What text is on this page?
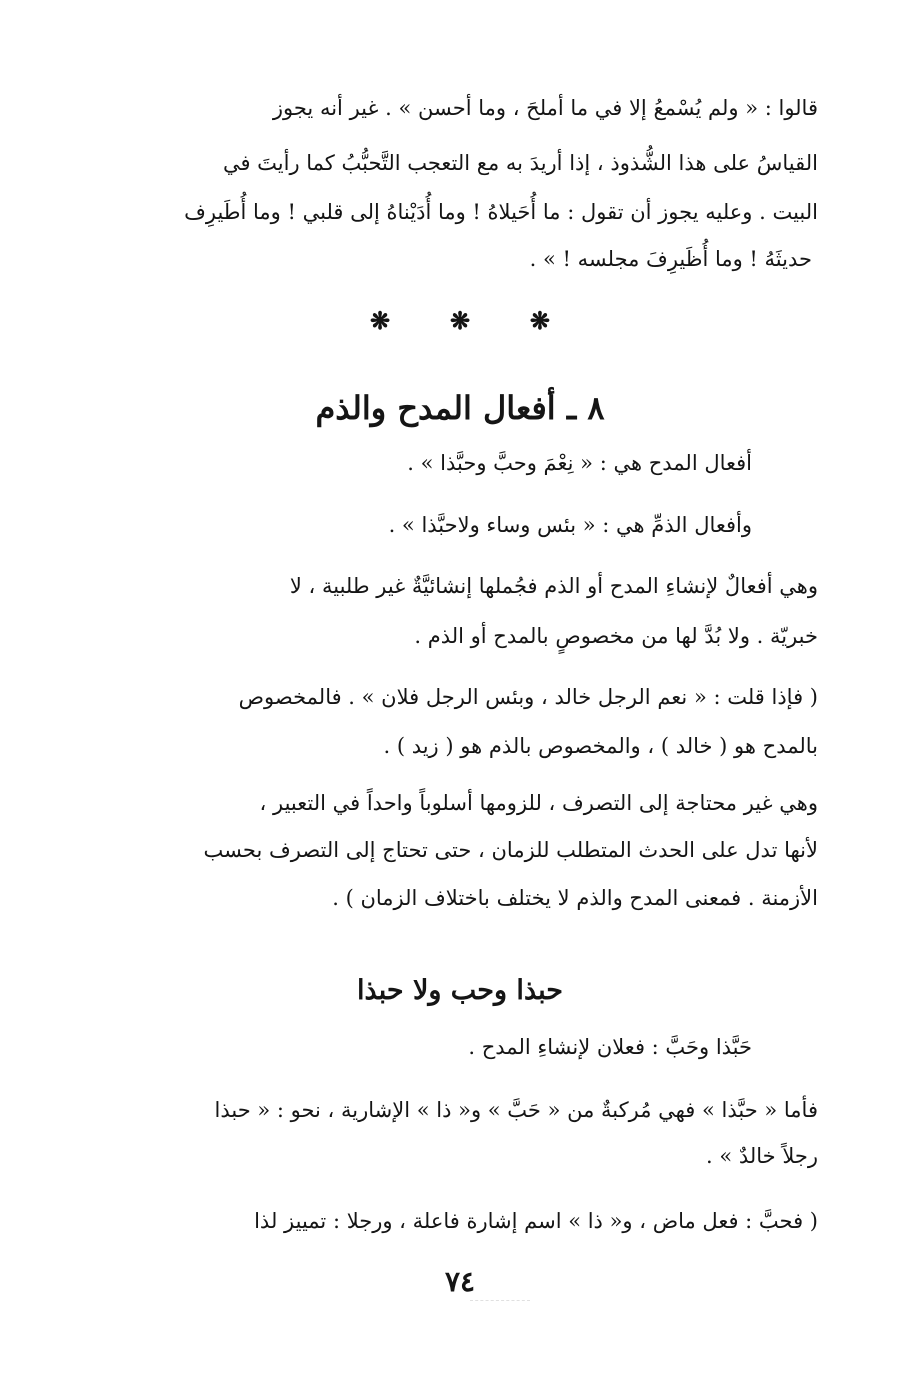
قالوا : « ولم يُسْمعُ إلا في ما أملحَ ، وما أحسن » . غير أنه يجوز
القياسُ على هذا الشُّذوذ ، إذا أريدَ به مع التعجب التَّحبُّبُ كما رأيتَ في
البيت . وعليه يجوز أن تقول : ما أُحَيلاهُ ! وما أُدَيْناهُ إلى قلبي ! وما أُطَيرِف
حديثَهُ ! وما أُظَيرِفَ مجلسه ! » .
❋ ❋ ❋
٨ ـ أفعال المدح والذم
أفعال المدح هي : « نِعْمَ وحبَّ وحبَّذا » .
وأفعال الذمِّ هي : « بئس وساء ولاحبَّذا » .
وهي أفعالٌ لإنشاءِ المدح أو الذم فجُملها إنشائيَّةٌ غير طلبية ، لا
خبريّة . ولا بُدَّ لها من مخصوصٍ بالمدح أو الذم .
( فإذا قلت : « نعم الرجل خالد ، وبئس الرجل فلان » . فالمخصوص
بالمدح هو ( خالد ) ، والمخصوص بالذم هو ( زيد ) .
وهي غير محتاجة إلى التصرف ، للزومها أسلوباً واحداً في التعبير ،
لأنها تدل على الحدث المتطلب للزمان ، حتى تحتاج إلى التصرف بحسب
الأزمنة . فمعنى المدح والذم لا يختلف باختلاف الزمان ) .
حبذا وحب ولا حبذا
حَبَّذا وحَبَّ : فعلان لإنشاءِ المدح .
فأما « حبَّذا » فهي مُركبةٌ من « حَبَّ » و« ذا » الإشارية ، نحو : « حبذا
رجلاً خالدٌ » .
( فحبَّ : فعل ماض ، و« ذا » اسم إشارة فاعلة ، ورجلا : تمييز لذا
٧٤
